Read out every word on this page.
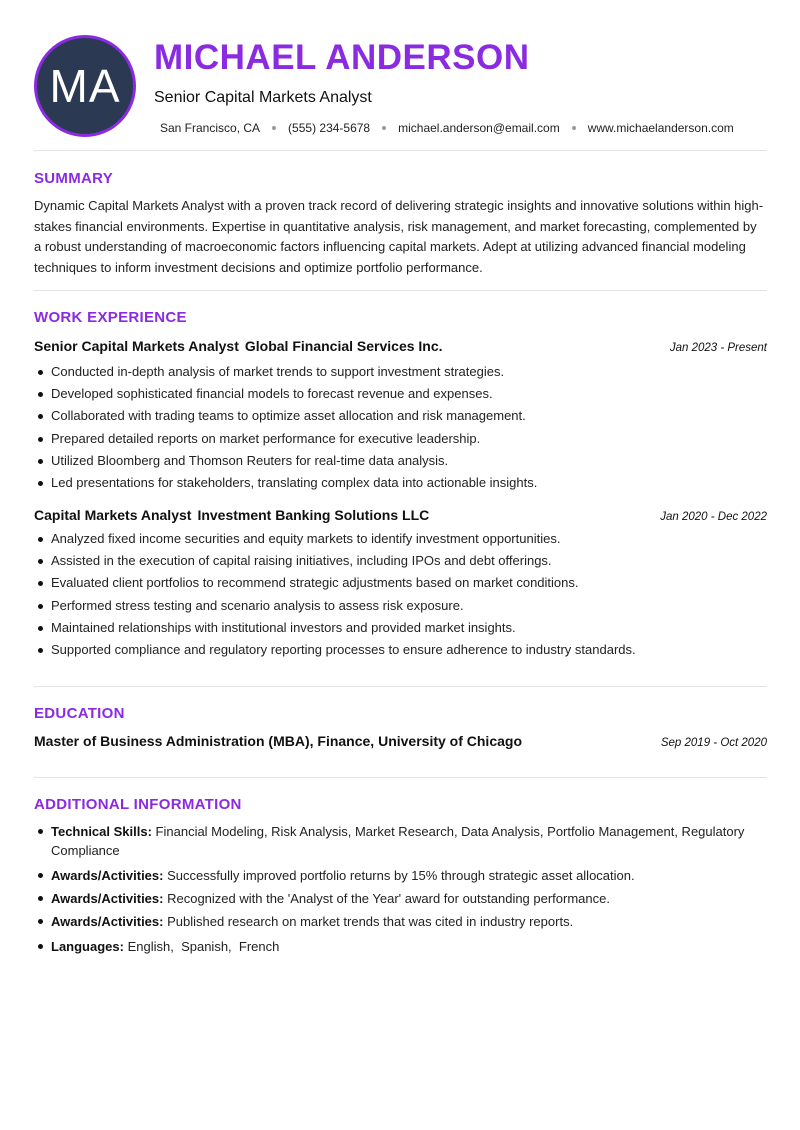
MA
MICHAEL ANDERSON
Senior Capital Markets Analyst
San Francisco, CA (555) 234-5678 michael.anderson@email.com www.michaelanderson.com
SUMMARY
Dynamic Capital Markets Analyst with a proven track record of delivering strategic insights and innovative solutions within high-stakes financial environments. Expertise in quantitative analysis, risk management, and market forecasting, complemented by a robust understanding of macroeconomic factors influencing capital markets. Adept at utilizing advanced financial modeling techniques to inform investment decisions and optimize portfolio performance.
WORK EXPERIENCE
Senior Capital Markets Analyst Global Financial Services Inc.	Jan 2023 - Present
Conducted in-depth analysis of market trends to support investment strategies.
Developed sophisticated financial models to forecast revenue and expenses.
Collaborated with trading teams to optimize asset allocation and risk management.
Prepared detailed reports on market performance for executive leadership.
Utilized Bloomberg and Thomson Reuters for real-time data analysis.
Led presentations for stakeholders, translating complex data into actionable insights.
Capital Markets Analyst Investment Banking Solutions LLC	Jan 2020 - Dec 2022
Analyzed fixed income securities and equity markets to identify investment opportunities.
Assisted in the execution of capital raising initiatives, including IPOs and debt offerings.
Evaluated client portfolios to recommend strategic adjustments based on market conditions.
Performed stress testing and scenario analysis to assess risk exposure.
Maintained relationships with institutional investors and provided market insights.
Supported compliance and regulatory reporting processes to ensure adherence to industry standards.
EDUCATION
Master of Business Administration (MBA), Finance, University of Chicago	Sep 2019 - Oct 2020
ADDITIONAL INFORMATION
Technical Skills: Financial Modeling, Risk Analysis, Market Research, Data Analysis, Portfolio Management, Regulatory Compliance
Awards/Activities: Successfully improved portfolio returns by 15% through strategic asset allocation.
Awards/Activities: Recognized with the 'Analyst of the Year' award for outstanding performance.
Awards/Activities: Published research on market trends that was cited in industry reports.
Languages: English,  Spanish,  French
